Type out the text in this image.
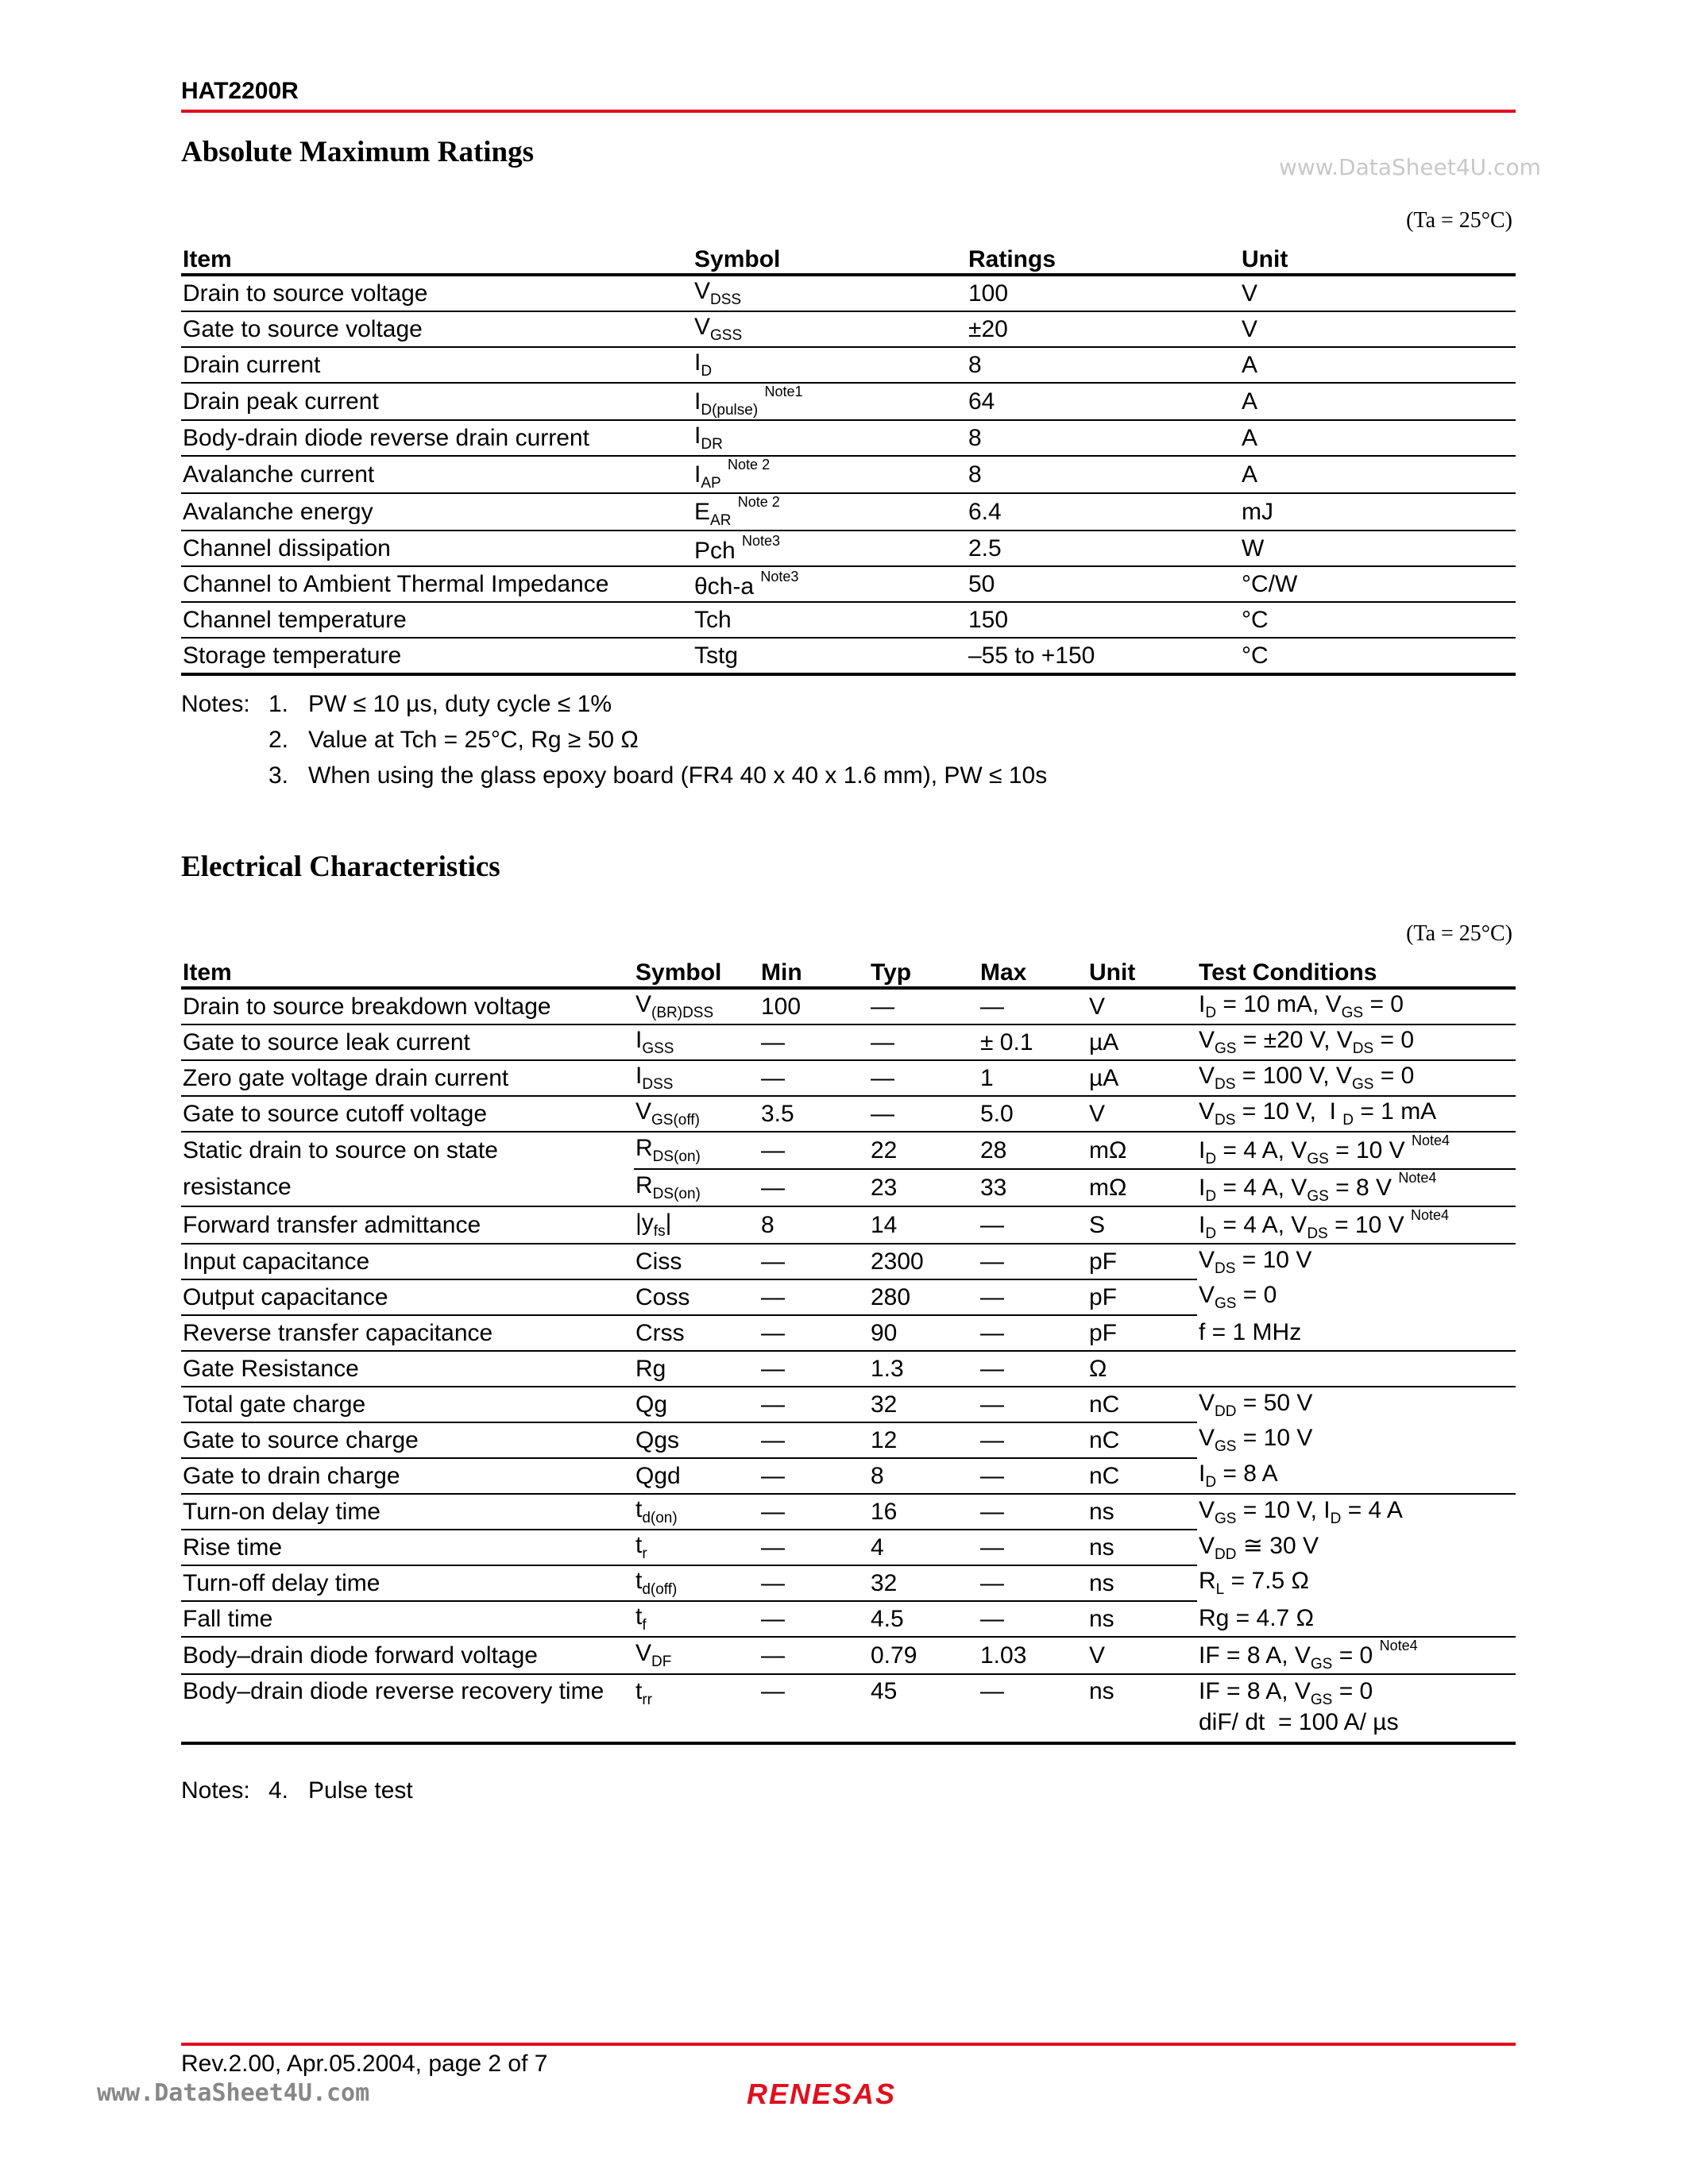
HAT2200R
Absolute Maximum Ratings	www.DataSheet4U.com
(Ta = 25°C)
Item	Symbol	Ratings	Unit
Drain to source voltage	$V_{DSS}$	100	V
Gate to source voltage	$V_{GSS}$	±20	V
Drain current	$I_D$	8	A
Drain peak current	$I_{D(pulse)}$ $^{Note1}$	64	A
Body-drain diode reverse drain current	$I_{DR}$	8	A
Avalanche current	$I_{AP}$ $^{Note 2}$	8	A
Avalanche energy	$E_{AR}$ $^{Note 2}$	6.4	mJ
Channel dissipation	Pch $^{Note3}$	2.5	W
Channel to Ambient Thermal Impedance	θch-a $^{Note3}$	50	°C/W
Channel temperature	Tch	150	°C
Storage temperature	Tstg	–55 to +150	°C
Notes: 1. PW ≤ 10 µs, duty cycle ≤ 1%
2. Value at Tch = 25°C, Rg ≥ 50 Ω
3. When using the glass epoxy board (FR4 40 x 40 x 1.6 mm), PW ≤ 10s
Electrical Characteristics
(Ta = 25°C)
Item	Symbol	Min	Typ	Max	Unit	Test Conditions
Drain to source breakdown voltage	$V_{(BR)DSS}$	100	—	—	V	$I_D = 10$ mA, $V_{GS} = 0$
Gate to source leak current	$I_{GSS}$	—	—	± 0.1	µA	$V_{GS} = \pm 20$ V, $V_{DS} = 0$
Zero gate voltage drain current	$I_{DSS}$	—	—	1	µA	$V_{DS} = 100$ V, $V_{GS} = 0$
Gate to source cutoff voltage	$V_{GS(off)}$	3.5	—	5.0	V	$V_{DS} = 10$ V,  I $_D$ = 1 mA
Static drain to source on state	$R_{DS(on)}$	—	22	28	mΩ	$I_D = 4$ A, $V_{GS} = 10$ V $^{Note4}$
resistance	$R_{DS(on)}$	—	23	33	mΩ	$I_D = 4$ A, $V_{GS} = 8$ V $^{Note4}$
Forward transfer admittance	$|y_{fs}|$	8	14	—	S	$I_D = 4$ A, $V_{DS} = 10$ V $^{Note4}$
Input capacitance	Ciss	—	2300	—	pF	$V_{DS} = 10$ V
Output capacitance	Coss	—	280	—	pF	$V_{GS} = 0$
Reverse transfer capacitance	Crss	—	90	—	pF	f = 1 MHz
Gate Resistance	Rg	—	1.3	—	Ω	
Total gate charge	Qg	—	32	—	nC	$V_{DD} = 50$ V
Gate to source charge	Qgs	—	12	—	nC	$V_{GS} = 10$ V
Gate to drain charge	Qgd	—	8	—	nC	$I_D = 8$ A
Turn-on delay time	$t_{d(on)}$	—	16	—	ns	$V_{GS} = 10$ V, $I_D = 4$ A
Rise time	$t_r$	—	4	—	ns	$V_{DD}$ ≅ 30 V
Turn-off delay time	$t_{d(off)}$	—	32	—	ns	$R_L = 7.5$ Ω
Fall time	$t_f$	—	4.5	—	ns	Rg = 4.7 Ω
Body–drain diode forward voltage	$V_{DF}$	—	0.79	1.03	V	IF = 8 A, $V_{GS} = 0$ $^{Note4}$
Body–drain diode reverse recovery time	$t_{rr}$	—	45	—	ns	IF = 8 A, $V_{GS} = 0$
diF/ dt  = 100 A/ µs
Notes: 4. Pulse test
Rev.2.00, Apr.05.2004, page 2 of 7
www.DataSheet4U.com	RENESAS
